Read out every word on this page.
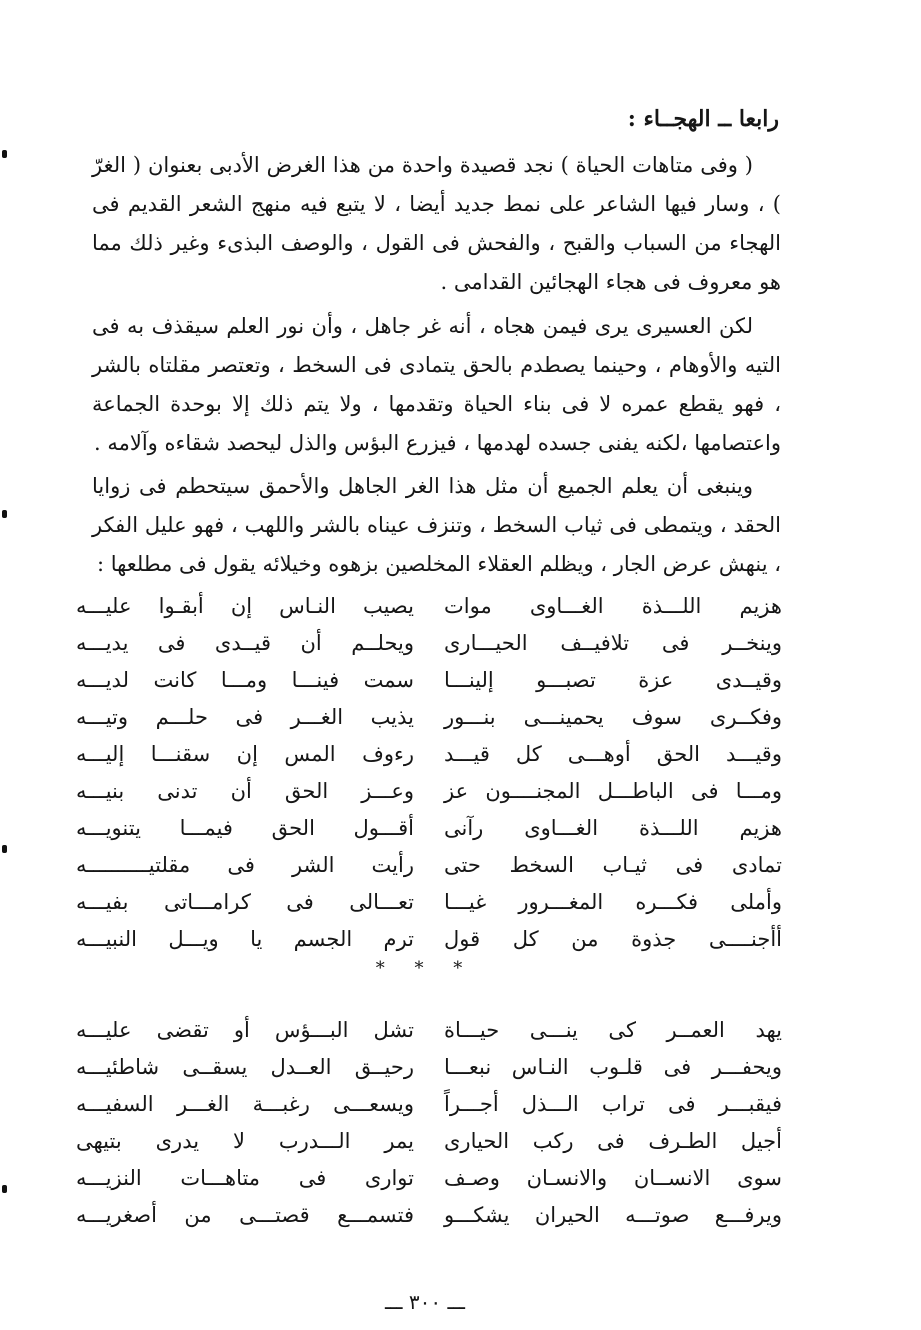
رابعا ــ الهجــاء :

( وفى متاهات الحياة ) نجد قصيدة واحدة من هذا الغرض الأدبى بعنوان ( الغرّ ) ، وسار فيها الشاعر على نمط جديد أيضا ، لا يتبع فيه منهج الشعر القديم فى الهجاء من السباب والقبح ، والفحش فى القول ، والوصف البذىء وغير ذلك مما هو معروف فى هجاء الهجائين القدامى .

لكن العسيرى يرى فيمن هجاه ، أنه غر جاهل ، وأن نور العلم سيقذف به فى التيه والأوهام ، وحينما يصطدم بالحق يتمادى فى السخط ، وتعتصر مقلتاه بالشر ، فهو يقطع عمره لا فى بناء الحياة وتقدمها ، ولا يتم ذلك إلا بوحدة الجماعة واعتصامها ،لكنه يفنى جسده لهدمها ، فيزرع البؤس والذل ليحصد شقاءه وآلامه .

وينبغى أن يعلم الجميع أن مثل هذا الغر الجاهل والأحمق سيتحطم فى زوايا الحقد ، ويتمطى فى ثياب السخط ، وتنزف عيناه بالشر واللهب ، فهو عليل الفكر ، ينهش عرض الجار ، ويظلم العقلاء المخلصين بزهوه وخيلائه يقول فى مطلعها :

هزيم اللـــذة الغـــاوى موات
يصيب النـاس إن أبقـوا عليـــه
وينخــر فى تلافيــف الحيـــارى
ويحلــم أن قيــدى فى يديـــه
وقيــدى عزة تصبـــو إلينـــا
سمت فينـــا ومـــا كانت لديـــه
وفكــرى سوف يحمينـــى بنـــور
يذيب الغـــر فى حلـــم وتيـــه
وقيـــد الحق أوهـــى كل قيـــد
رءوف المس إن سقنـــا إليـــه
ومـــا فى الباطـــل المجنــــون عز
وعـــز الحق أن تدنى بنيـــه
هزيم اللـــذة الغـــاوى رآنى
أقـــول الحق فيمـــا يتنويـــه
تمادى فى ثيـاب السخط حتى
رأيت الشر فى مقلتيــــــــــه
وأملى فكـــره المغـــرور غيـــا
تعـــالى فى كرامـــاتى بفيـــه
أأجنــــى جذوة من كل قول
ترم الجسم يا ويـــل النبيـــه
* * *
يهد العمــر كى ينـــى حيـــاة
تشل البـــؤس أو تقضى عليـــه
ويحفـــر فى قلـوب النـاس نبعـــا
رحيــق العــدل يسقــى شاطئيـــه
فيقبـــر فى تراب الـــذل أجـــراً
ويسعـــى رغبـــة الغـــر السفيـــه
أجيل الطـرف فى ركب الحيارى
يمر الـــدرب لا يدرى بتيهى
سوى الانســان والانسـان وصـف
توارى فى متاهـــات النزيـــه
ويرفـــع صوتـــه الحيران يشكـــو
فتسمـــع قصتـــى من أصغريـــه
ـــ ٣٠٠ ـــ
